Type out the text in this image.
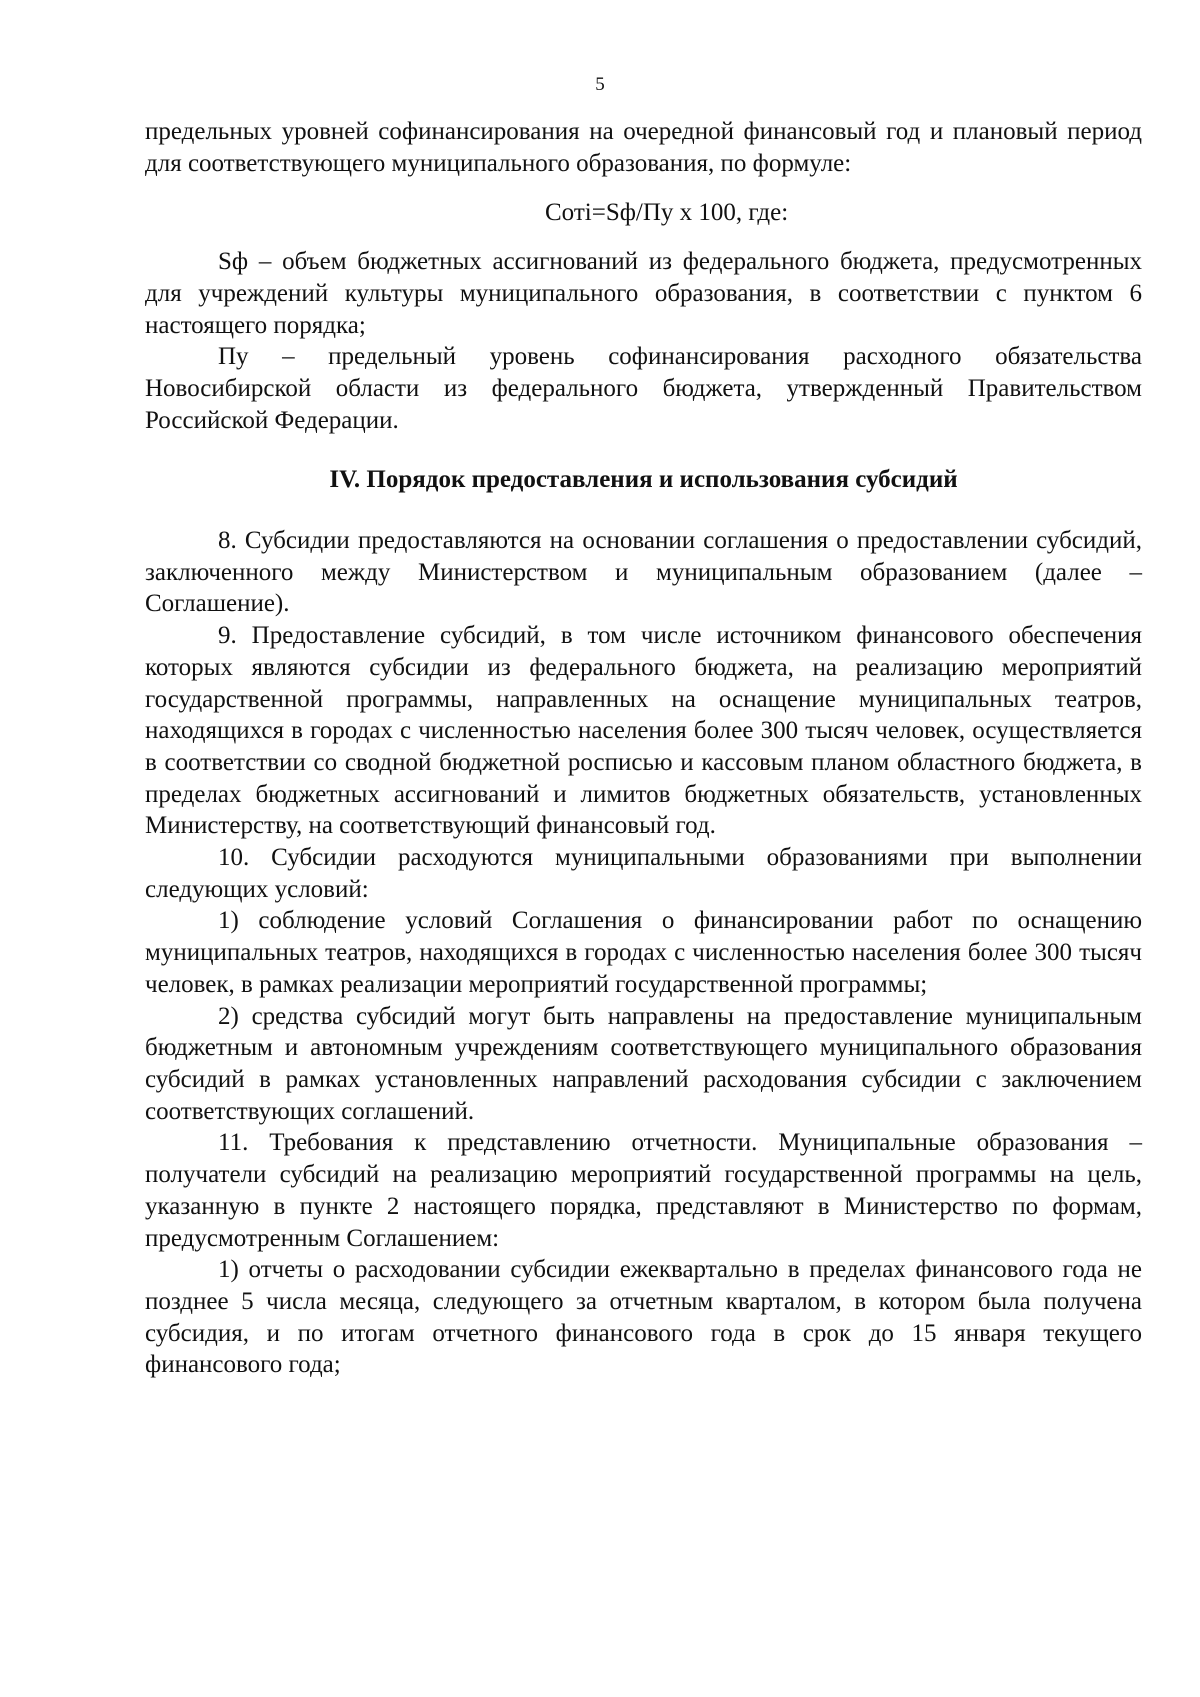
5

предельных уровней софинансирования на очередной финансовый год и плановый период для соответствующего муниципального образования, по формуле:

Соті=Sф/Пу х 100, где:

Sф – объем бюджетных ассигнований из федерального бюджета, предусмотренных для учреждений культуры муниципального образования, в соответствии с пунктом 6 настоящего порядка;

Пу – предельный уровень софинансирования расходного обязательства Новосибирской области из федерального бюджета, утвержденный Правительством Российской Федерации.

IV. Порядок предоставления и использования субсидий

8. Субсидии предоставляются на основании соглашения о предоставлении субсидий, заключенного между Министерством и муниципальным образованием (далее – Соглашение).

9. Предоставление субсидий, в том числе источником финансового обеспечения которых являются субсидии из федерального бюджета, на реализацию мероприятий государственной программы, направленных на оснащение муниципальных театров, находящихся в городах с численностью населения более 300 тысяч человек, осуществляется в соответствии со сводной бюджетной росписью и кассовым планом областного бюджета, в пределах бюджетных ассигнований и лимитов бюджетных обязательств, установленных Министерству, на соответствующий финансовый год.

10. Субсидии расходуются муниципальными образованиями при выполнении следующих условий:

1) соблюдение условий Соглашения о финансировании работ по оснащению муниципальных театров, находящихся в городах с численностью населения более 300 тысяч человек, в рамках реализации мероприятий государственной программы;

2) средства субсидий могут быть направлены на предоставление муниципальным бюджетным и автономным учреждениям соответствующего муниципального образования субсидий в рамках установленных направлений расходования субсидии с заключением соответствующих соглашений.

11. Требования к представлению отчетности. Муниципальные образования – получатели субсидий на реализацию мероприятий государственной программы на цель, указанную в пункте 2 настоящего порядка, представляют в Министерство по формам, предусмотренным Соглашением:

1) отчеты о расходовании субсидии ежеквартально в пределах финансового года не позднее 5 числа месяца, следующего за отчетным кварталом, в котором была получена субсидия, и по итогам отчетного финансового года в срок до 15 января текущего финансового года;
